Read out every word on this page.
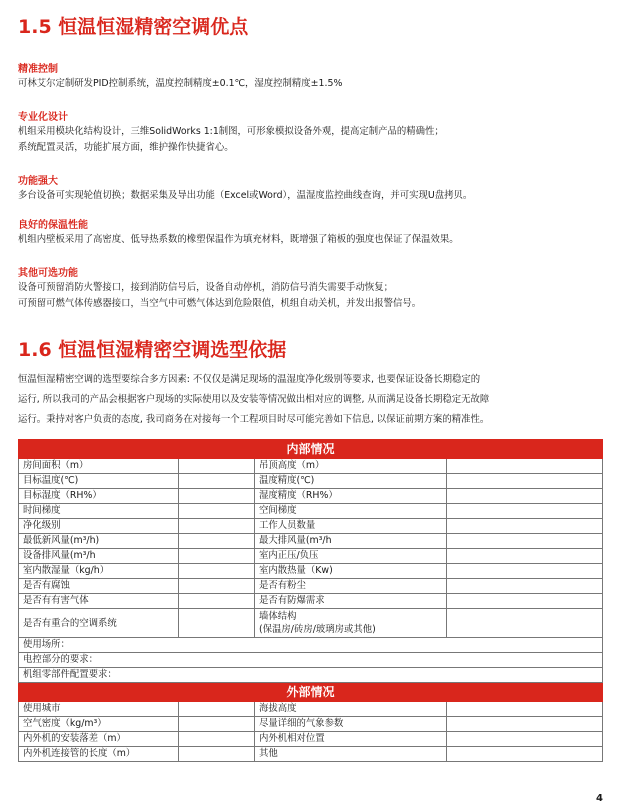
1.5 恒温恒湿精密空调优点
精准控制
可林艾尔定制研发PID控制系统，温度控制精度±0.1℃，湿度控制精度±1.5%
专业化设计
机组采用模块化结构设计，三维SolidWorks 1:1制图，可形象模拟设备外观，提高定制产品的精确性；
系统配置灵活，功能扩展方面，维护操作快捷省心。
功能强大
多台设备可实现轮值切换；数据采集及导出功能（Excel或Word），温湿度监控曲线查询，并可实现U盘拷贝。
良好的保温性能
机组内壁板采用了高密度、低导热系数的橡塑保温作为填充材料，既增强了箱板的强度也保证了保温效果。
其他可选功能
设备可预留消防火警接口，接到消防信号后，设备自动停机，消防信号消失需要手动恢复；
可预留可燃气体传感器接口，当空气中可燃气体达到危险限值，机组自动关机，并发出报警信号。
1.6 恒温恒湿精密空调选型依据
恒温恒湿精密空调的选型要综合多方因素: 不仅仅是满足现场的温湿度净化级别等要求, 也要保证设备长期稳定的
运行, 所以我司的产品会根据客户现场的实际使用以及安装等情况做出相对应的调整, 从而满足设备长期稳定无故障
运行。秉持对客户负责的态度, 我司商务在对接每一个工程项目时尽可能完善如下信息, 以保证前期方案的精准性。
内部情况			
房间面积（m）		吊顶高度（m）	
目标温度(℃)		温度精度(℃)	
目标湿度（RH%）		湿度精度（RH%）	
时间梯度		空间梯度	
净化级别		工作人员数量	
最低新风量(m³/h)		最大排风量(m³/h	
设备排风量(m³/h		室内正压/负压	
室内散湿量（kg/h）		室内散热量（Kw)	
是否有腐蚀		是否有粉尘	
是否有有害气体		是否有防爆需求	
是否有重合的空调系统		墙体结构
(保温房/砖房/玻璃房或其他)	

使用场所：			
电控部分的要求：			
机组零部件配置要求：			
外部情况			
使用城市		海拔高度	
空气密度（kg/m³）		尽量详细的气象参数	
内外机的安装落差（m）		内外机相对位置	
内外机连接管的长度（m）		其他	
4
